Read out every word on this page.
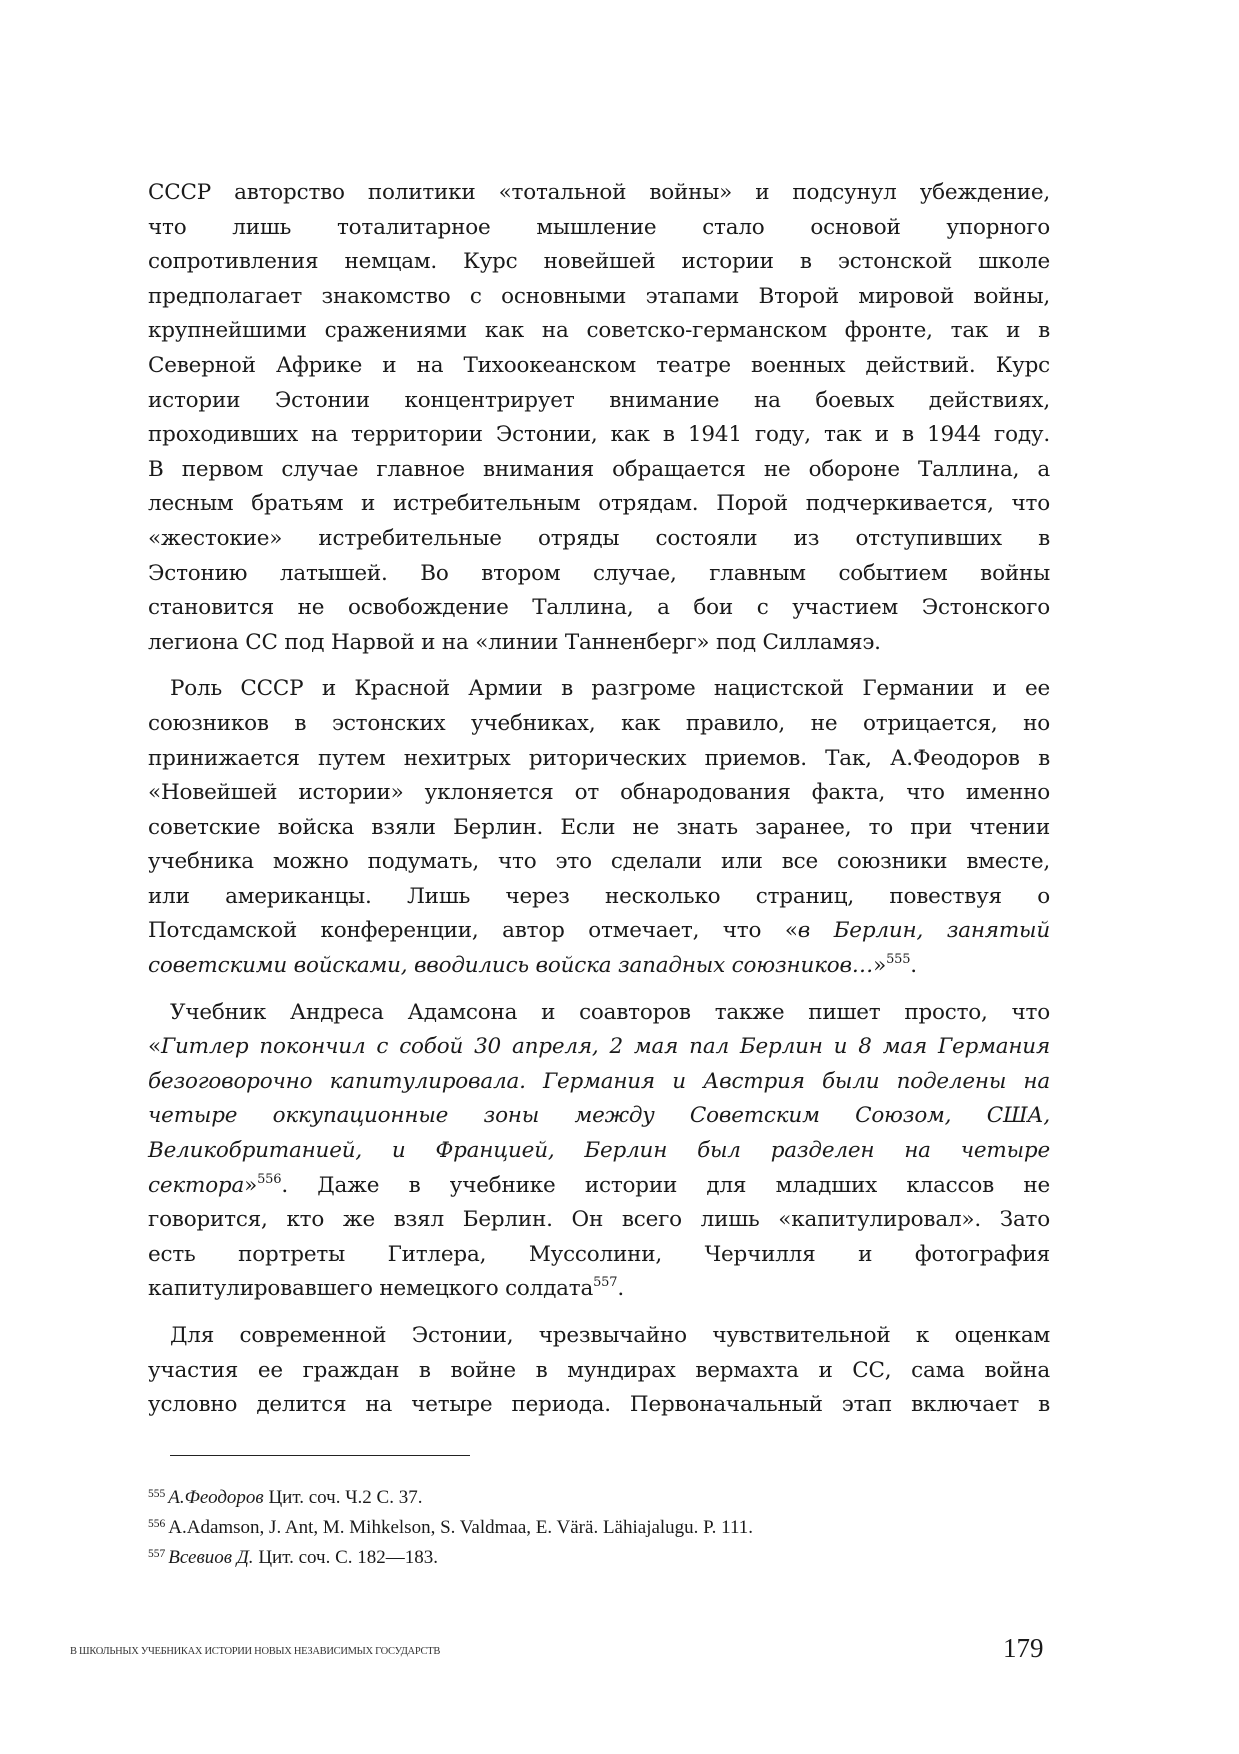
СССР авторство политики «тотальной войны» и подсунул убеждение,
что лишь тоталитарное мышление стало основой упорного
сопротивления немцам. Курс новейшей истории в эстонской школе
предполагает знакомство с основными этапами Второй мировой войны,
крупнейшими сражениями как на советско-германском фронте, так и в
Северной Африке и на Тихоокеанском театре военных действий. Курс
истории Эстонии концентрирует внимание на боевых действиях,
проходивших на территории Эстонии, как в 1941 году, так и в 1944 году.
В первом случае главное внимания обращается не обороне Таллина, а
лесным братьям и истребительным отрядам. Порой подчеркивается, что
«жестокие» истребительные отряды состояли из отступивших в
Эстонию латышей. Во втором случае, главным событием войны
становится не освобождение Таллина, а бои с участием Эстонского
легиона СС под Нарвой и на «линии Танненберг» под Силламяэ.
Роль СССР и Красной Армии в разгроме нацистской Германии и ее
союзников в эстонских учебниках, как правило, не отрицается, но
принижается путем нехитрых риторических приемов. Так, А.Феодоров в
«Новейшей истории» уклоняется от обнародования факта, что именно
советские войска взяли Берлин. Если не знать заранее, то при чтении
учебника можно подумать, что это сделали или все союзники вместе,
или американцы. Лишь через несколько страниц, повествуя о
Потсдамской конференции, автор отмечает, что «в Берлин, занятый
советскими войсками, вводились войска западных союзников…»$^{555}$.
Учебник Андреса Адамсона и соавторов также пишет просто, что
«Гитлер покончил с собой 30 апреля, 2 мая пал Берлин и 8 мая Германия
безоговорочно капитулировала. Германия и Австрия были поделены на
четыре оккупационные зоны между Советским Союзом, США,
Великобританией, и Францией, Берлин был разделен на четыре
сектора»$^{556}$. Даже в учебнике истории для младших классов не
говорится, кто же взял Берлин. Он всего лишь «капитулировал». Зато
есть портреты Гитлера, Муссолини, Черчилля и фотография
капитулировавшего немецкого солдата$^{557}$.
Для современной Эстонии, чрезвычайно чувствительной к оценкам
участия ее граждан в войне в мундирах вермахта и СС, сама война
условно делится на четыре периода. Первоначальный этап включает в
$^{555}$ А.Феодоров Цит. соч. Ч.2 С. 37.
$^{556}$ A.Adamson, J. Ant, M. Mihkelson, S. Valdmaa, E. Värä. Lähiajalugu. P. 111.
$^{557}$ Всевиов Д. Цит. соч. С. 182—183.
В ШКОЛЬНЫХ УЧЕБНИКАХ ИСТОРИИ НОВЫХ НЕЗАВИСИМЫХ ГОСУДАРСТВ	179
